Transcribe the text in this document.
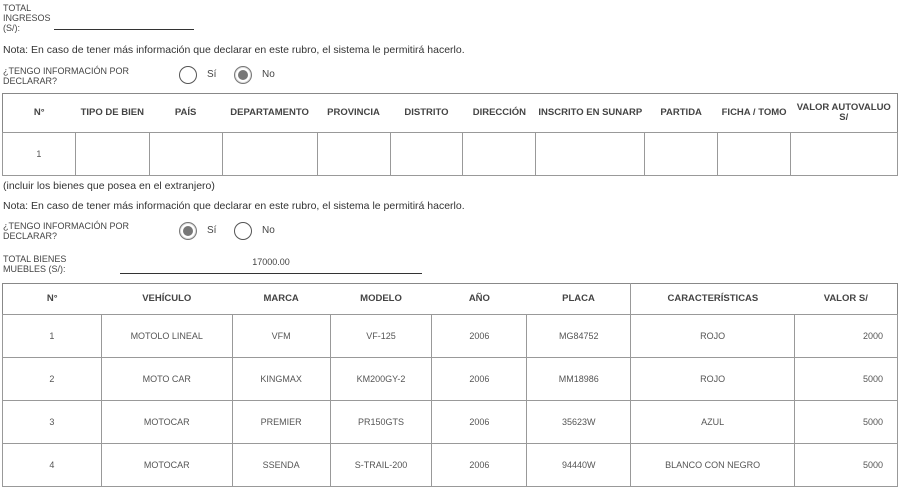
TOTAL
INGRESOS
(S/):
Nota: En caso de tener más información que declarar en este rubro, el sistema le permitirá hacerlo.
¿TENGO INFORMACIÓN POR
DECLARAR?
Sí	No
N°	TIPO DE BIEN	PAÍS	DEPARTAMENTO	PROVINCIA	DISTRITO	DIRECCIÓN	INSCRITO EN SUNARP	PARTIDA	FICHA / TOMO	VALOR AUTOVALUO S/
1										
(incluir los bienes que posea en el extranjero)
Nota: En caso de tener más información que declarar en este rubro, el sistema le permitirá hacerlo.
¿TENGO INFORMACIÓN POR
DECLARAR?	Sí	No
TOTAL BIENES
MUEBLES (S/):
17000.00
N°	VEHÍCULO	MARCA	MODELO	AÑO	PLACA	CARACTERÍSTICAS	VALOR S/
1	MOTOLO LINEAL	VFM	VF-125	2006	MG84752	ROJO	2000
2	MOTO CAR	KINGMAX	KM200GY-2	2006	MM18986	ROJO	5000
3	MOTOCAR	PREMIER	PR150GTS	2006	35623W	AZUL	5000
4	MOTOCAR	SSENDA	S-TRAIL-200	2006	94440W	BLANCO CON NEGRO	5000
